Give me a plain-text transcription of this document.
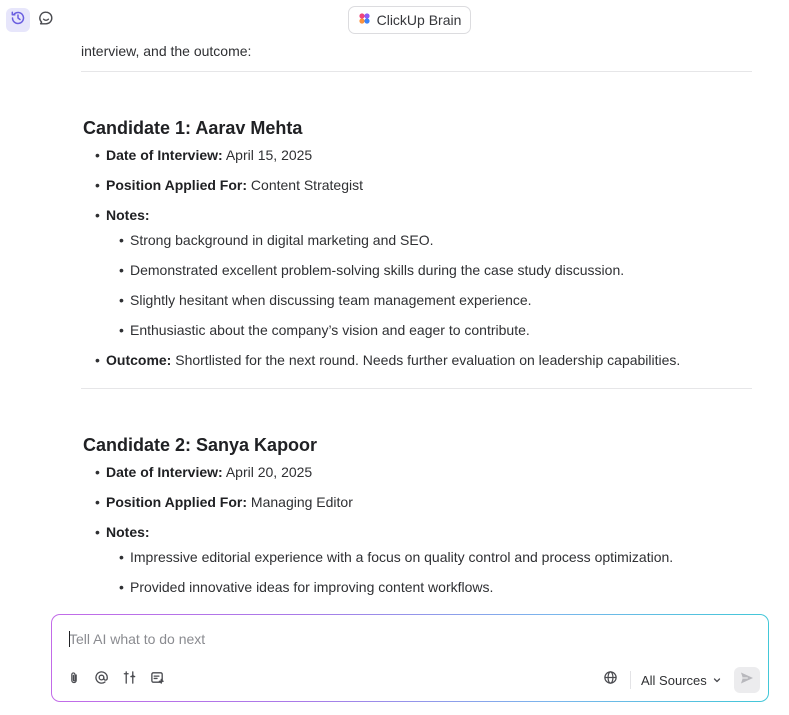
ClickUp Brain
interview, and the outcome:
Candidate 1: Aarav Mehta
• Date of Interview: April 15, 2025
• Position Applied For: Content Strategist
• Notes:
• Strong background in digital marketing and SEO.
• Demonstrated excellent problem-solving skills during the case study discussion.
• Slightly hesitant when discussing team management experience.
• Enthusiastic about the company’s vision and eager to contribute.
• Outcome: Shortlisted for the next round. Needs further evaluation on leadership capabilities.
Candidate 2: Sanya Kapoor
• Date of Interview: April 20, 2025
• Position Applied For: Managing Editor
• Notes:
• Impressive editorial experience with a focus on quality control and process optimization.
• Provided innovative ideas for improving content workflows.
Tell AI what to do next
All Sources
